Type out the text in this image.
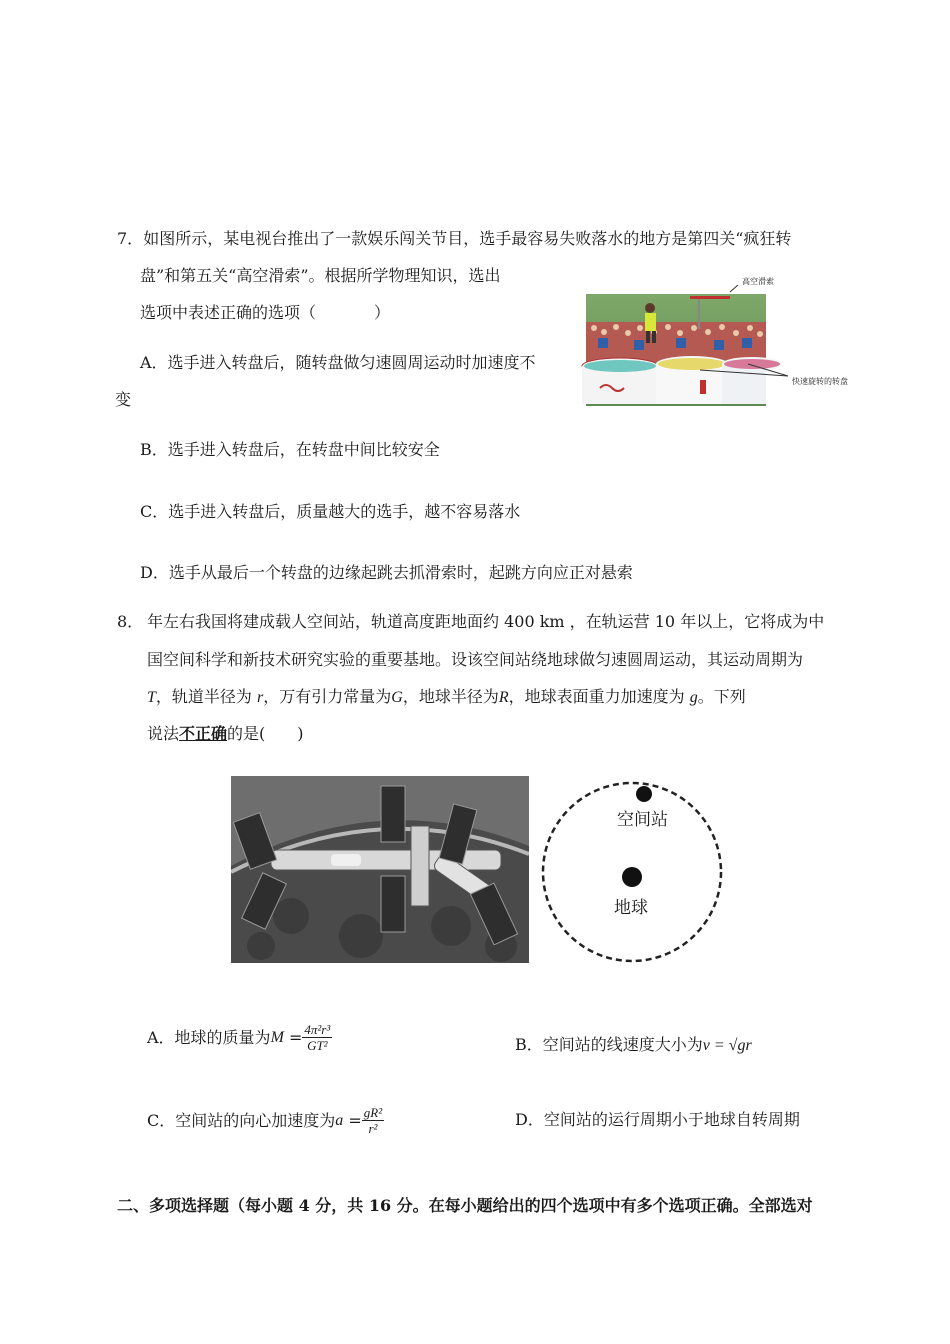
7．如图所示，某电视台推出了一款娱乐闯关节目，选手最容易失败落水的地方是第四关“疯狂转
盘”和第五关“高空滑索”。根据所学物理知识，选出
选项中表述正确的选项（	）
A．选手进入转盘后，随转盘做匀速圆周运动时加速度不
变
B．选手进入转盘后，在转盘中间比较安全
C．选手进入转盘后，质量越大的选手，越不容易落水
D．选手从最后一个转盘的边缘起跳去抓滑索时，起跳方向应正对悬索
高空滑索
快速旋转的转盘
8． 年左右我国将建成载人空间站，轨道高度距地面约 400 km ，在轨运营 10 年以上，它将成为中
国空间科学和新技术研究实验的重要基地。设该空间站绕地球做匀速圆周运动，其运动周期为
T，轨道半径为 r，万有引力常量为G，地球半径为R，地球表面重力加速度为 g。下列
说法不正确的是(　　)
空间站
地球
A．地球的质量为$M = \frac{\text{4π²r³}}{\text{GT²}}$	B．空间站的线速度大小为v = √gr
C．空间站的向心加速度为$a = \frac{\text{gR²}}{\text{r²}}$	D．空间站的运行周期小于地球自转周期
二、多项选择题（每小题 4 分，共 16 分。在每小题给出的四个选项中有多个选项正确。全部选对
